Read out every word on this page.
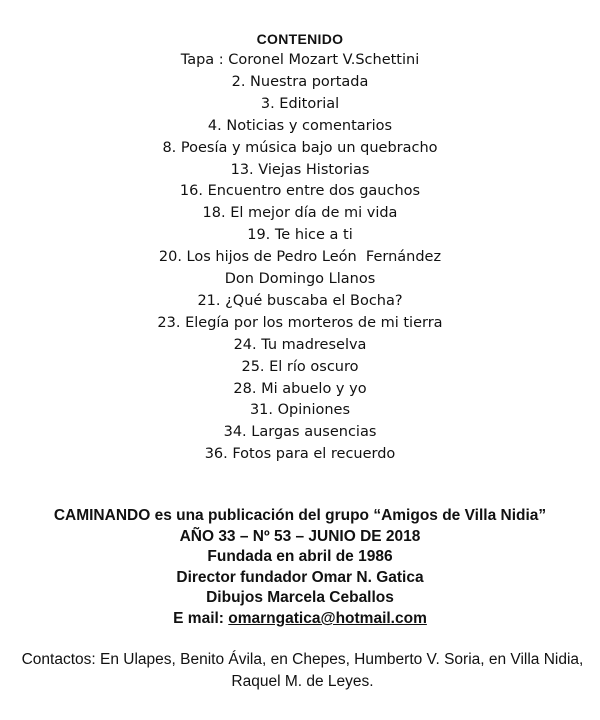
CONTENIDO
Tapa : Coronel Mozart V.Schettini
2. Nuestra portada
3. Editorial
4. Noticias y comentarios
8. Poesía y música bajo un quebracho
13. Viejas Historias
16. Encuentro entre dos gauchos
18. El mejor día de mi vida
19. Te hice a ti
20. Los hijos de Pedro León  Fernández
Don Domingo Llanos
21. ¿Qué buscaba el Bocha?
23. Elegía por los morteros de mi tierra
24. Tu madreselva
25. El río oscuro
28. Mi abuelo y yo
31. Opiniones
34. Largas ausencias
36. Fotos para el recuerdo
CAMINANDO es una publicación del grupo “Amigos de Villa Nidia”
AÑO 33 – Nº 53 – JUNIO DE 2018
Fundada en abril de 1986
Director fundador Omar N. Gatica
Dibujos Marcela Ceballos
E mail: omarngatica@hotmail.com
Contactos: En Ulapes, Benito Ávila, en Chepes, Humberto V. Soria, en Villa Nidia, Raquel M. de Leyes.
